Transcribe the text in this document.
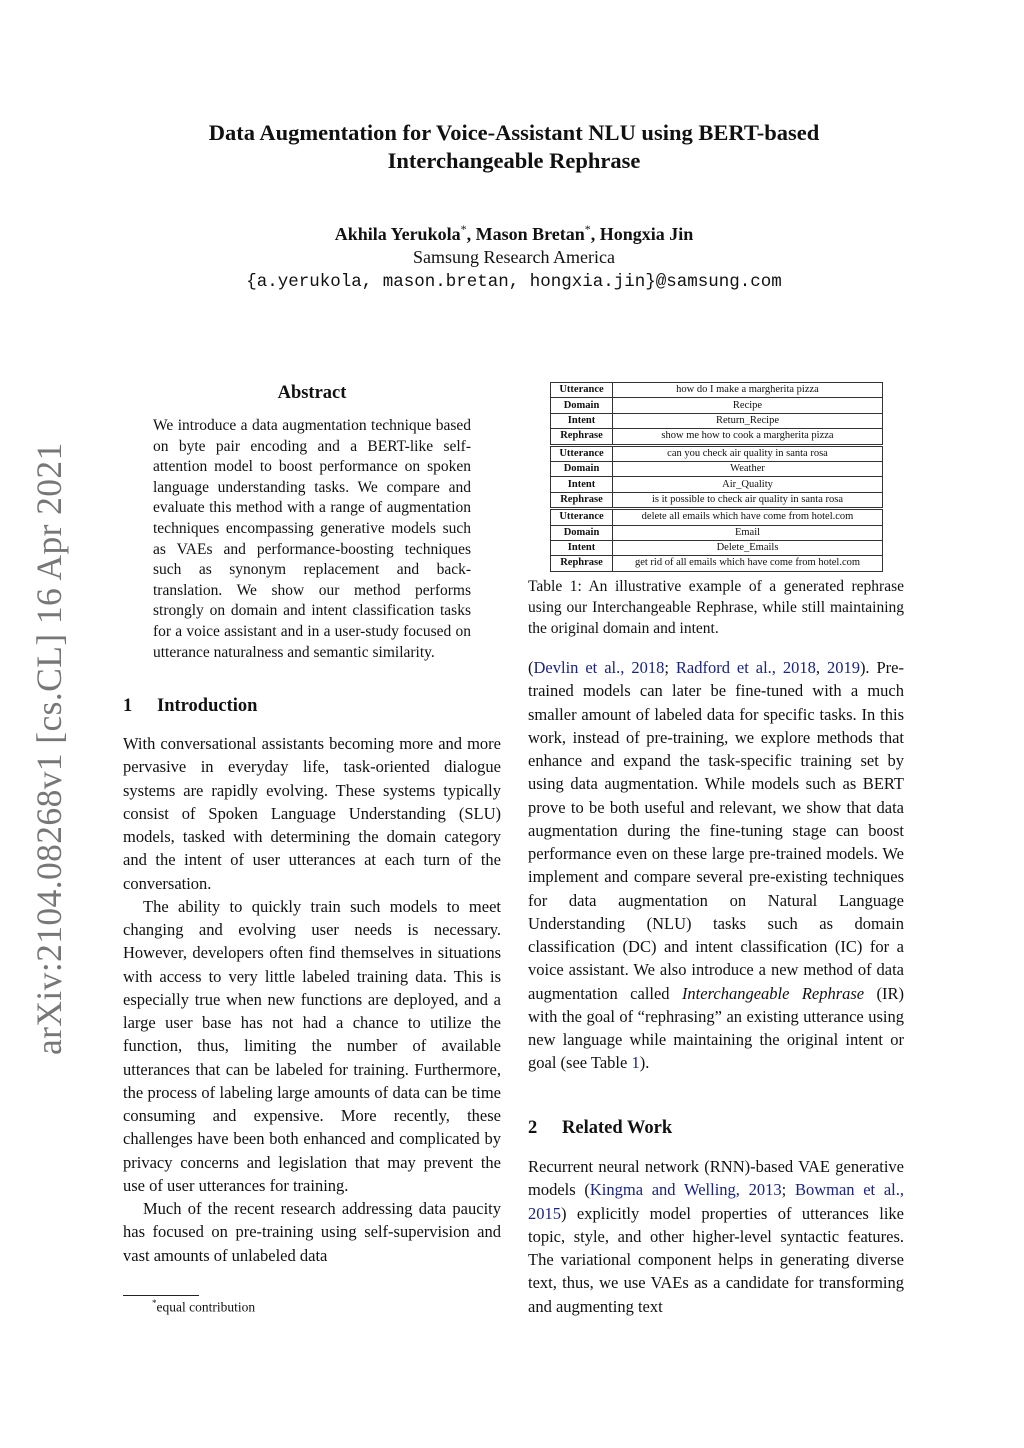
arXiv:2104.08268v1 [cs.CL] 16 Apr 2021
Data Augmentation for Voice-Assistant NLU using BERT-based
Interchangeable Rephrase
Akhila Yerukola*, Mason Bretan*, Hongxia Jin
Samsung Research America
{a.yerukola, mason.bretan, hongxia.jin}@samsung.com
Abstract
We introduce a data augmentation technique based on byte pair encoding and a BERT-like self-attention model to boost performance on spoken language understanding tasks. We compare and evaluate this method with a range of augmentation techniques encompassing generative models such as VAEs and performance-boosting techniques such as synonym replacement and back-translation. We show our method performs strongly on domain and intent classification tasks for a voice assistant and in a user-study focused on utterance naturalness and semantic similarity.
1 Introduction

With conversational assistants becoming more and more pervasive in everyday life, task-oriented dialogue systems are rapidly evolving. These systems typically consist of Spoken Language Understanding (SLU) models, tasked with determining the domain category and the intent of user utterances at each turn of the conversation.

The ability to quickly train such models to meet changing and evolving user needs is necessary. However, developers often find themselves in situations with access to very little labeled training data. This is especially true when new functions are deployed, and a large user base has not had a chance to utilize the function, thus, limiting the number of available utterances that can be labeled for training. Furthermore, the process of labeling large amounts of data can be time consuming and expensive. More recently, these challenges have been both enhanced and complicated by privacy concerns and legislation that may prevent the use of user utterances for training.

Much of the recent research addressing data paucity has focused on pre-training using self-supervision and vast amounts of unlabeled data

*equal contribution
Utterance	how do I make a margherita pizza
Domain	Recipe
Intent	Return_Recipe
Rephrase	show me how to cook a margherita pizza

Utterance	can you check air quality in santa rosa
Domain	Weather
Intent	Air_Quality
Rephrase	is it possible to check air quality in santa rosa

Utterance	delete all emails which have come from hotel.com
Domain	Email
Intent	Delete_Emails
Rephrase	get rid of all emails which have come from hotel.com
Table 1: An illustrative example of a generated rephrase using our Interchangeable Rephrase, while still maintaining the original domain and intent.

(Devlin et al., 2018; Radford et al., 2018, 2019). Pre-trained models can later be fine-tuned with a much smaller amount of labeled data for specific tasks. In this work, instead of pre-training, we explore methods that enhance and expand the task-specific training set by using data augmentation. While models such as BERT prove to be both useful and relevant, we show that data augmentation during the fine-tuning stage can boost performance even on these large pre-trained models. We implement and compare several pre-existing techniques for data augmentation on Natural Language Understanding (NLU) tasks such as domain classification (DC) and intent classification (IC) for a voice assistant. We also introduce a new method of data augmentation called Interchangeable Rephrase (IR) with the goal of “rephrasing” an existing utterance using new language while maintaining the original intent or goal (see Table 1).

2 Related Work

Recurrent neural network (RNN)-based VAE generative models (Kingma and Welling, 2013; Bowman et al., 2015) explicitly model properties of utterances like topic, style, and other higher-level syntactic features. The variational component helps in generating diverse text, thus, we use VAEs as a candidate for transforming and augmenting text
